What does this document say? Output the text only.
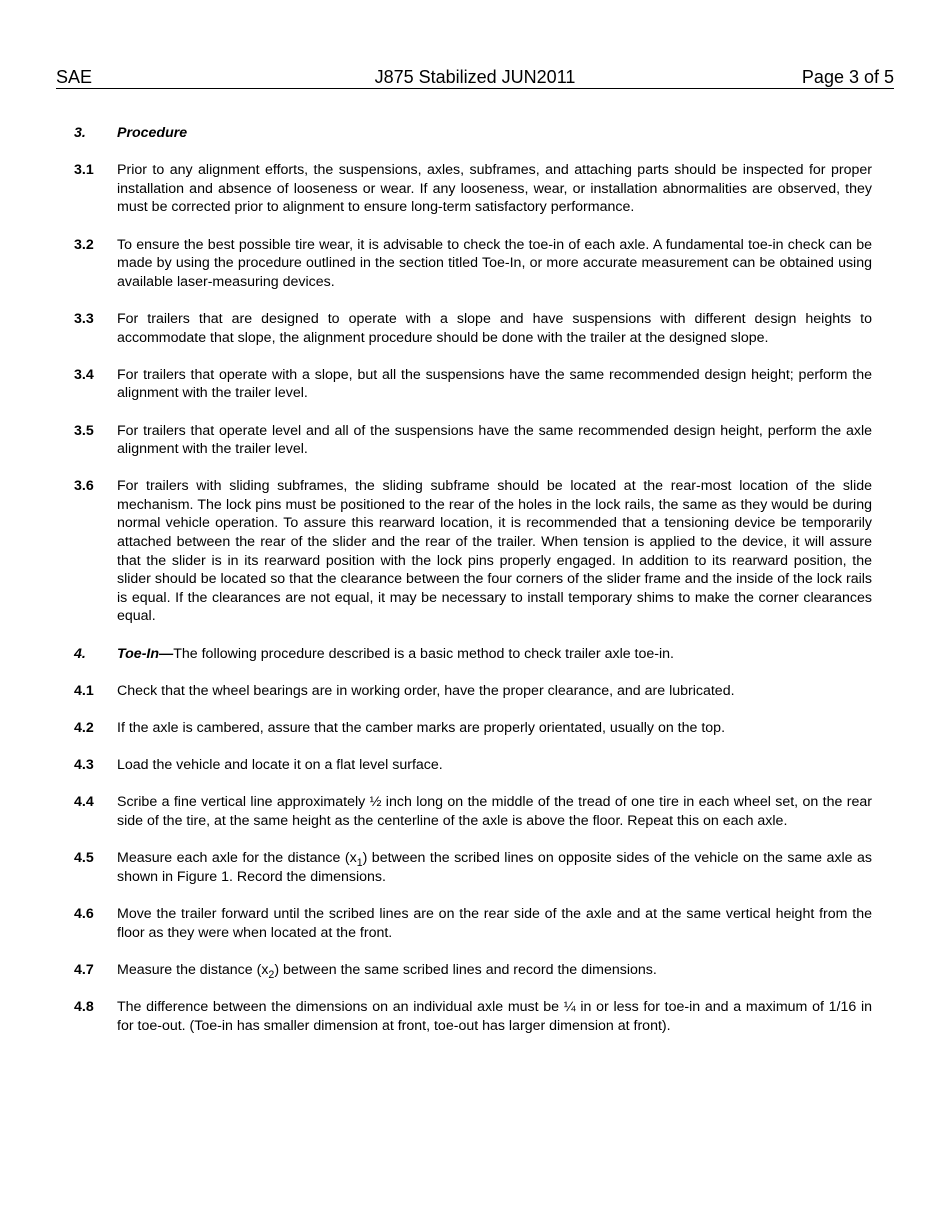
SAE	J875 Stabilized JUN2011	Page 3 of 5
3.	Procedure
3.1	Prior to any alignment efforts, the suspensions, axles, subframes, and attaching parts should be inspected for proper installation and absence of looseness or wear. If any looseness, wear, or installation abnormalities are observed, they must be corrected prior to alignment to ensure long-term satisfactory performance.
3.2	To ensure the best possible tire wear, it is advisable to check the toe-in of each axle. A fundamental toe-in check can be made by using the procedure outlined in the section titled Toe-In, or more accurate measurement can be obtained using available laser-measuring devices.
3.3	For trailers that are designed to operate with a slope and have suspensions with different design heights to accommodate that slope, the alignment procedure should be done with the trailer at the designed slope.
3.4	For trailers that operate with a slope, but all the suspensions have the same recommended design height; perform the alignment with the trailer level.
3.5	For trailers that operate level and all of the suspensions have the same recommended design height, perform the axle alignment with the trailer level.
3.6	For trailers with sliding subframes, the sliding subframe should be located at the rear-most location of the slide mechanism. The lock pins must be positioned to the rear of the holes in the lock rails, the same as they would be during normal vehicle operation. To assure this rearward location, it is recommended that a tensioning device be temporarily attached between the rear of the slider and the rear of the trailer. When tension is applied to the device, it will assure that the slider is in its rearward position with the lock pins properly engaged. In addition to its rearward position, the slider should be located so that the clearance between the four corners of the slider frame and the inside of the lock rails is equal. If the clearances are not equal, it may be necessary to install temporary shims to make the corner clearances equal.
4.	Toe-In—The following procedure described is a basic method to check trailer axle toe-in.
4.1	Check that the wheel bearings are in working order, have the proper clearance, and are lubricated.
4.2	If the axle is cambered, assure that the camber marks are properly orientated, usually on the top.
4.3	Load the vehicle and locate it on a flat level surface.
4.4	Scribe a fine vertical line approximately ½ inch long on the middle of the tread of one tire in each wheel set, on the rear side of the tire, at the same height as the centerline of the axle is above the floor. Repeat this on each axle.
4.5	Measure each axle for the distance $(x_1)$ between the scribed lines on opposite sides of the vehicle on the same axle as shown in Figure 1. Record the dimensions.
4.6	Move the trailer forward until the scribed lines are on the rear side of the axle and at the same vertical height from the floor as they were when located at the front.
4.7	Measure the distance $(x_2)$ between the same scribed lines and record the dimensions.
4.8	The difference between the dimensions on an individual axle must be ¼ in or less for toe-in and a maximum of 1/16 in for toe-out. (Toe-in has smaller dimension at front, toe-out has larger dimension at front).
